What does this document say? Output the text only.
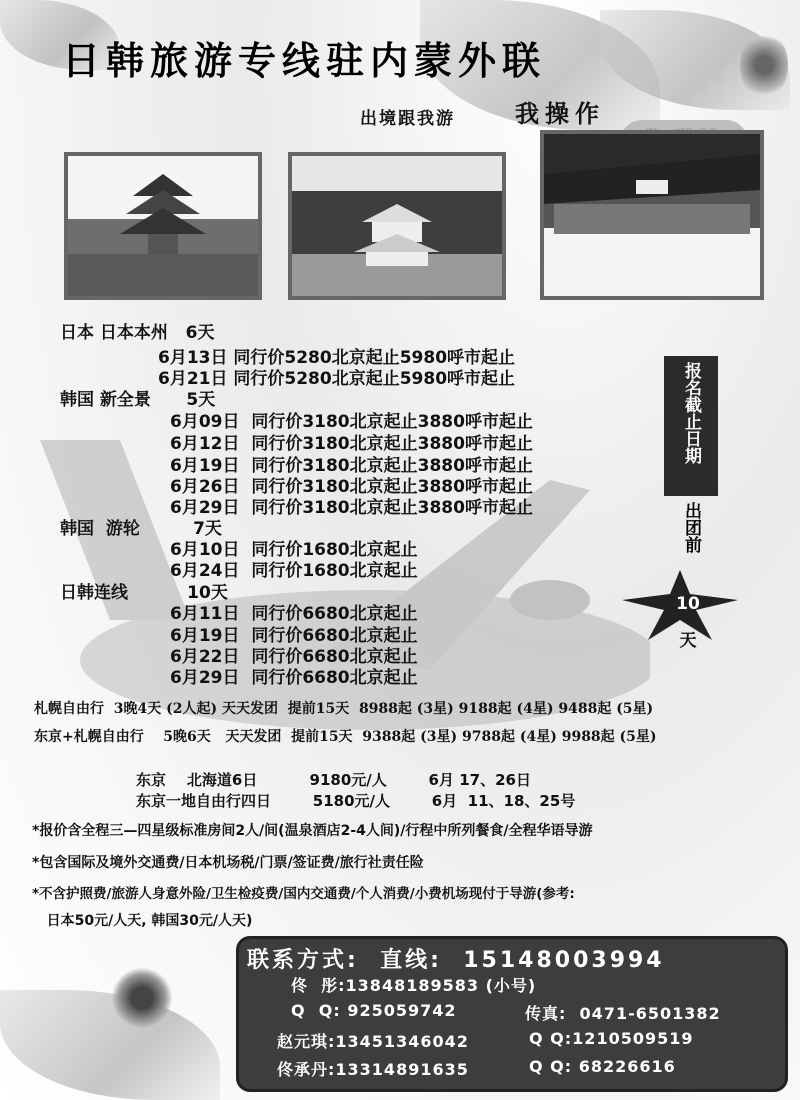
日韩旅游专线驻内蒙外联
出境跟我游	我操作
日本 日本本州   6天
6月13日 同行价5280北京起止5980呼市起止
6月21日 同行价5280北京起止5980呼市起止
韩国 新全景      5天
6月09日  同行价3180北京起止3880呼市起止
6月12日  同行价3180北京起止3880呼市起止
6月19日  同行价3180北京起止3880呼市起止
6月26日  同行价3180北京起止3880呼市起止
6月29日  同行价3180北京起止3880呼市起止
韩国  游轮         7天
6月10日  同行价1680北京起止
6月24日  同行价1680北京起止
日韩连线          10天
6月11日  同行价6680北京起止
6月19日  同行价6680北京起止
6月22日  同行价6680北京起止
6月29日  同行价6680北京起止
报名截止日期
出团前
10
天
札幌自由行  3晚4天 (2人起) 天天发团  提前15天  8988起 (3星) 9188起 (4星) 9488起 (5星)
东京+札幌自由行    5晚6天   天天发团  提前15天  9388起 (3星) 9788起 (4星) 9988起 (5星)
东京    北海道6日          9180元/人        6月 17、26日
东京一地自由行四日        5180元/人        6月  11、18、25号
*报价含全程三—四星级标准房间2人/间(温泉酒店2-4人间)/行程中所列餐食/全程华语导游
*包含国际及境外交通费/日本机场税/门票/签证费/旅行社责任险
*不含护照费/旅游人身意外险/卫生检疫费/国内交通费/个人消费/小费机场现付于导游(参考:
日本50元/人天, 韩国30元/人天)
联系方式:  直线:  15148003994
佟  彤:13848189583 (小号)
Q  Q: 925059742	传真:  0471-6501382
赵元琪:13451346042	Q Q:1210509519
佟承丹:13314891635	Q Q: 68226616
